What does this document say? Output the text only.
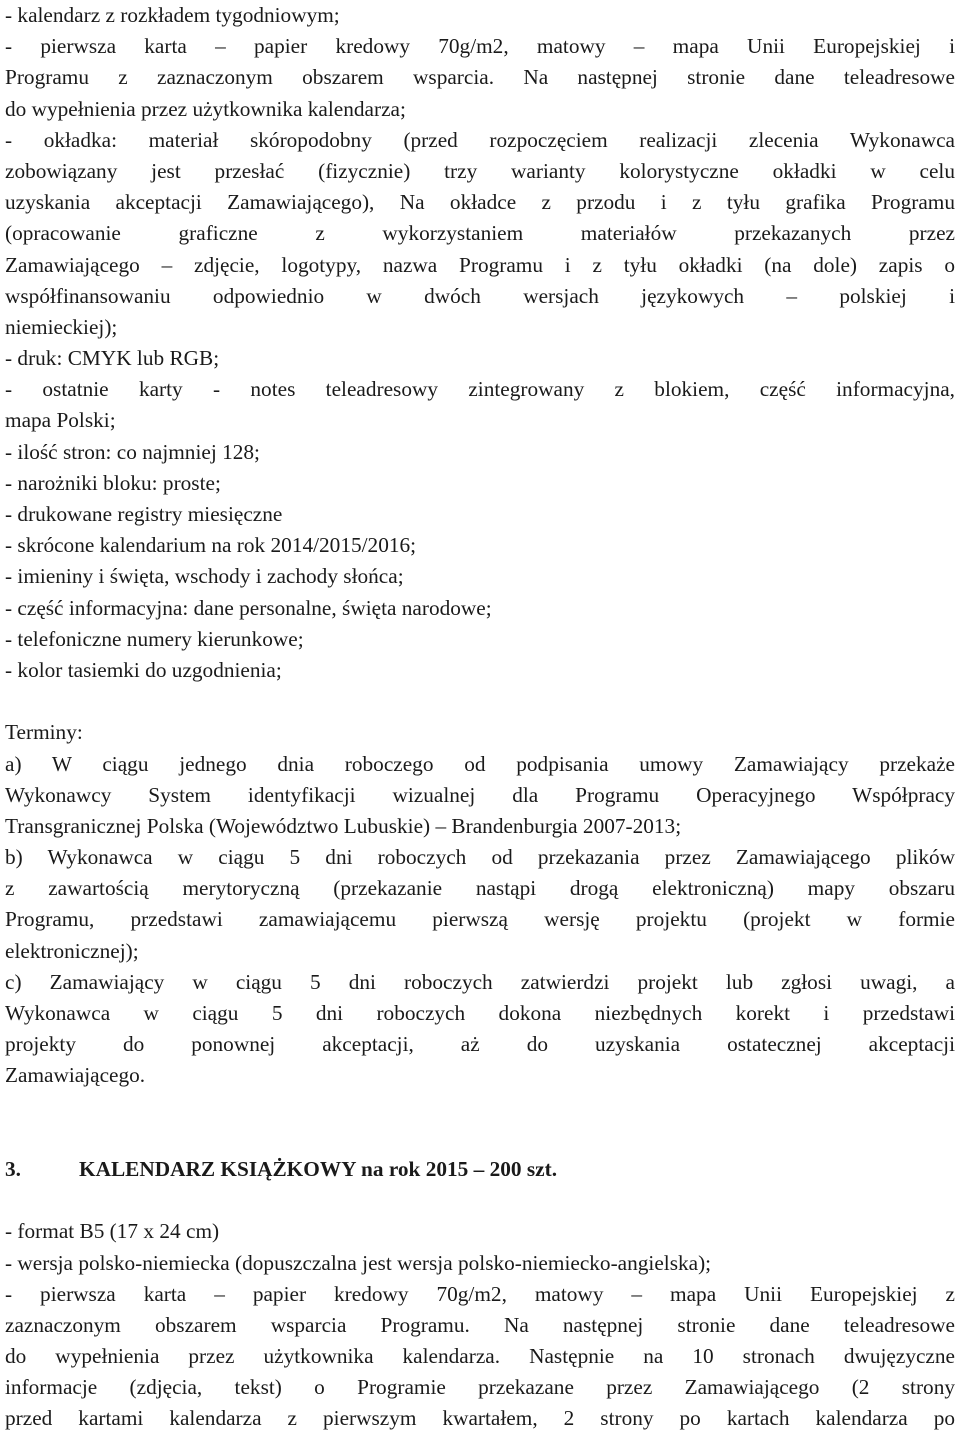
- kalendarz z rozkładem tygodniowym;
- pierwsza karta – papier kredowy 70g/m2, matowy – mapa Unii Europejskiej i
Programu z zaznaczonym obszarem wsparcia. Na następnej stronie dane teleadresowe
do wypełnienia przez użytkownika kalendarza;
- okładka: materiał skóropodobny (przed rozpoczęciem realizacji zlecenia Wykonawca
zobowiązany jest przesłać (fizycznie) trzy warianty kolorystyczne okładki w celu
uzyskania akceptacji Zamawiającego), Na okładce z przodu i z tyłu grafika Programu
(opracowanie graficzne z wykorzystaniem materiałów przekazanych przez
Zamawiającego – zdjęcie, logotypy, nazwa Programu i z tyłu okładki (na dole) zapis o
współfinansowaniu odpowiednio w dwóch wersjach językowych – polskiej i
niemieckiej);
- druk: CMYK lub RGB;
- ostatnie karty - notes teleadresowy zintegrowany z blokiem, część informacyjna,
mapa Polski;
- ilość stron: co najmniej 128;
- narożniki bloku: proste;
- drukowane registry miesięczne
- skrócone kalendarium na rok 2014/2015/2016;
- imieniny i święta, wschody i zachody słońca;
- część informacyjna: dane personalne, święta narodowe;
- telefoniczne numery kierunkowe;
- kolor tasiemki do uzgodnienia;
Terminy:
a) W ciągu jednego dnia roboczego od podpisania umowy Zamawiający przekaże
Wykonawcy System identyfikacji wizualnej dla Programu Operacyjnego Współpracy
Transgranicznej Polska (Województwo Lubuskie) – Brandenburgia 2007-2013;
b) Wykonawca w ciągu 5 dni roboczych od przekazania przez Zamawiającego plików
z zawartością merytoryczną (przekazanie nastąpi drogą elektroniczną) mapy obszaru
Programu, przedstawi zamawiającemu pierwszą wersję projektu (projekt w formie
elektronicznej);
c) Zamawiający w ciągu 5 dni roboczych zatwierdzi projekt lub zgłosi uwagi, a
Wykonawca w ciągu 5 dni roboczych dokona niezbędnych korekt i przedstawi
projekty do ponownej akceptacji, aż do uzyskania ostatecznej akceptacji
Zamawiającego.
3.	KALENDARZ KSIĄŻKOWY na rok 2015 – 200 szt.
- format B5 (17 x 24 cm)
- wersja polsko-niemiecka (dopuszczalna jest wersja polsko-niemiecko-angielska);
- pierwsza karta – papier kredowy 70g/m2, matowy – mapa Unii Europejskiej z
zaznaczonym obszarem wsparcia Programu. Na następnej stronie dane teleadresowe
do wypełnienia przez użytkownika kalendarza. Następnie na 10 stronach dwujęzyczne
informacje (zdjęcia, tekst) o Programie przekazane przez Zamawiającego (2 strony
przed kartami kalendarza z pierwszym kwartałem, 2 strony po kartach kalendarza po
